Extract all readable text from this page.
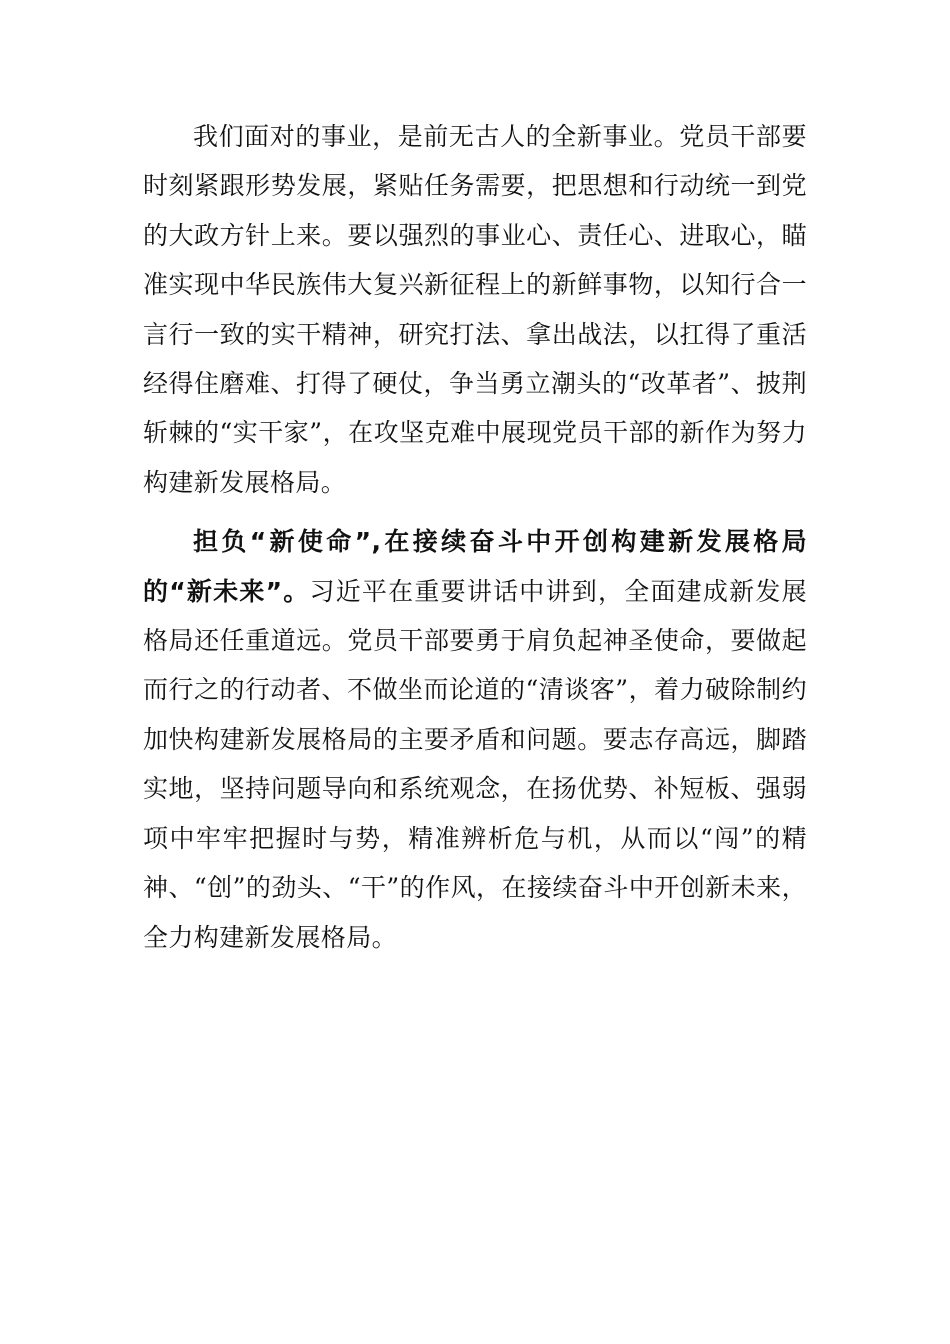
我们面对的事业，是前无古人的全新事业。党员干部要时刻紧跟形势发展，紧贴任务需要，把思想和行动统一到党的大政方针上来。要以强烈的事业心、责任心、进取心，瞄准实现中华民族伟大复兴新征程上的新鲜事物，以知行合一言行一致的实干精神，研究打法、拿出战法，以扛得了重活经得住磨难、打得了硬仗，争当勇立潮头的“改革者”、披荆斩棘的“实干家”，在攻坚克难中展现党员干部的新作为努力构建新发展格局。

担负“新使命”,在接续奋斗中开创构建新发展格局的“新未来”。习近平在重要讲话中讲到，全面建成新发展格局还任重道远。党员干部要勇于肩负起神圣使命，要做起而行之的行动者、不做坐而论道的“清谈客”，着力破除制约加快构建新发展格局的主要矛盾和问题。要志存高远，脚踏实地，坚持问题导向和系统观念，在扬优势、补短板、强弱项中牢牢把握时与势，精准辨析危与机，从而以“闯”的精神、“创”的劲头、“干”的作风，在接续奋斗中开创新未来，全力构建新发展格局。
